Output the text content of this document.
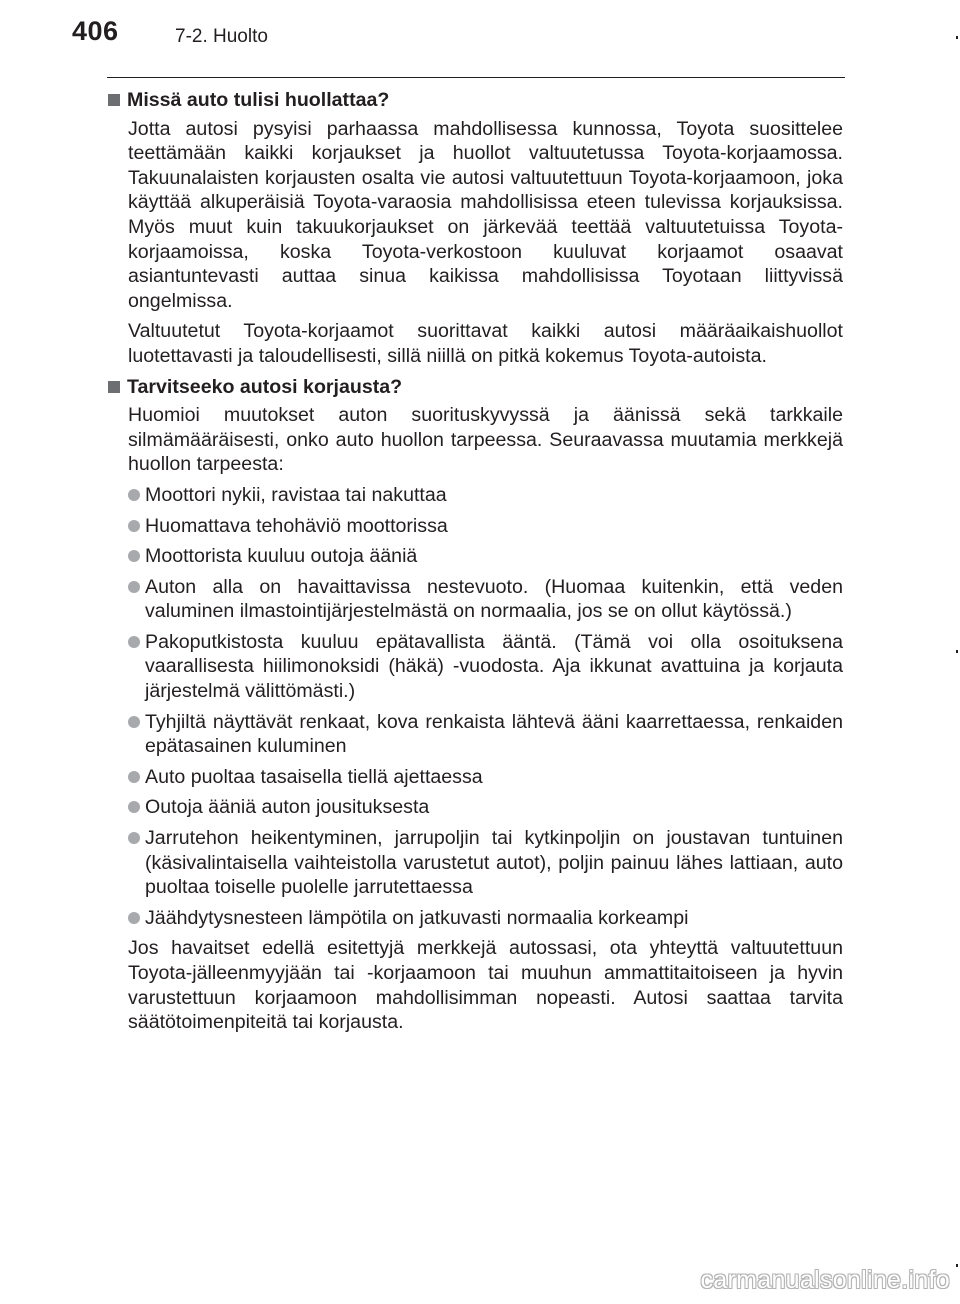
406	7-2. Huolto
Missä auto tulisi huollattaa?

Jotta autosi pysyisi parhaassa mahdollisessa kunnossa, Toyota suosittelee teettämään kaikki korjaukset ja huollot valtuutetussa Toyota-korjaamossa. Takuunalaisten korjausten osalta vie autosi valtuutettuun Toyota-korjaamoon, joka käyttää alkuperäisiä Toyota-varaosia mahdollisissa eteen tulevissa korjauksissa. Myös muut kuin takuukorjaukset on järkevää teettää valtuutetuissa Toyota-korjaamoissa, koska Toyota-verkostoon kuuluvat korjaamot osaavat asiantuntevasti auttaa sinua kaikissa mahdollisissa Toyotaan liittyvissä ongelmissa.

Valtuutetut Toyota-korjaamot suorittavat kaikki autosi määräaikaishuollot luotettavasti ja taloudellisesti, sillä niillä on pitkä kokemus Toyota-autoista.

Tarvitseeko autosi korjausta?

Huomioi muutokset auton suorituskyvyssä ja äänissä sekä tarkkaile silmämääräisesti, onko auto huollon tarpeessa. Seuraavassa muutamia merkkejä huollon tarpeesta:

Moottori nykii, ravistaa tai nakuttaa
Huomattava tehohäviö moottorissa
Moottorista kuuluu outoja ääniä
Auton alla on havaittavissa nestevuoto. (Huomaa kuitenkin, että veden valuminen ilmastointijärjestelmästä on normaalia, jos se on ollut käytössä.)
Pakoputkistosta kuuluu epätavallista ääntä. (Tämä voi olla osoituksena vaarallisesta hiilimonoksidi (häkä) -vuodosta. Aja ikkunat avattuina ja korjauta järjestelmä välittömästi.)
Tyhjiltä näyttävät renkaat, kova renkaista lähtevä ääni kaarrettaessa, renkaiden epätasainen kuluminen
Auto puoltaa tasaisella tiellä ajettaessa
Outoja ääniä auton jousituksesta
Jarrutehon heikentyminen, jarrupoljin tai kytkinpoljin on joustavan tuntuinen (käsivalintaisella vaihteistolla varustetut autot), poljin painuu lähes lattiaan, auto puoltaa toiselle puolelle jarrutettaessa
Jäähdytysnesteen lämpötila on jatkuvasti normaalia korkeampi

Jos havaitset edellä esitettyjä merkkejä autossasi, ota yhteyttä valtuutettuun Toyota-jälleenmyyjään tai -korjaamoon tai muuhun ammattitaitoiseen ja hyvin varustettuun korjaamoon mahdollisimman nopeasti. Autosi saattaa tarvita säätötoimenpiteitä tai korjausta.

carmanualsonline.info
